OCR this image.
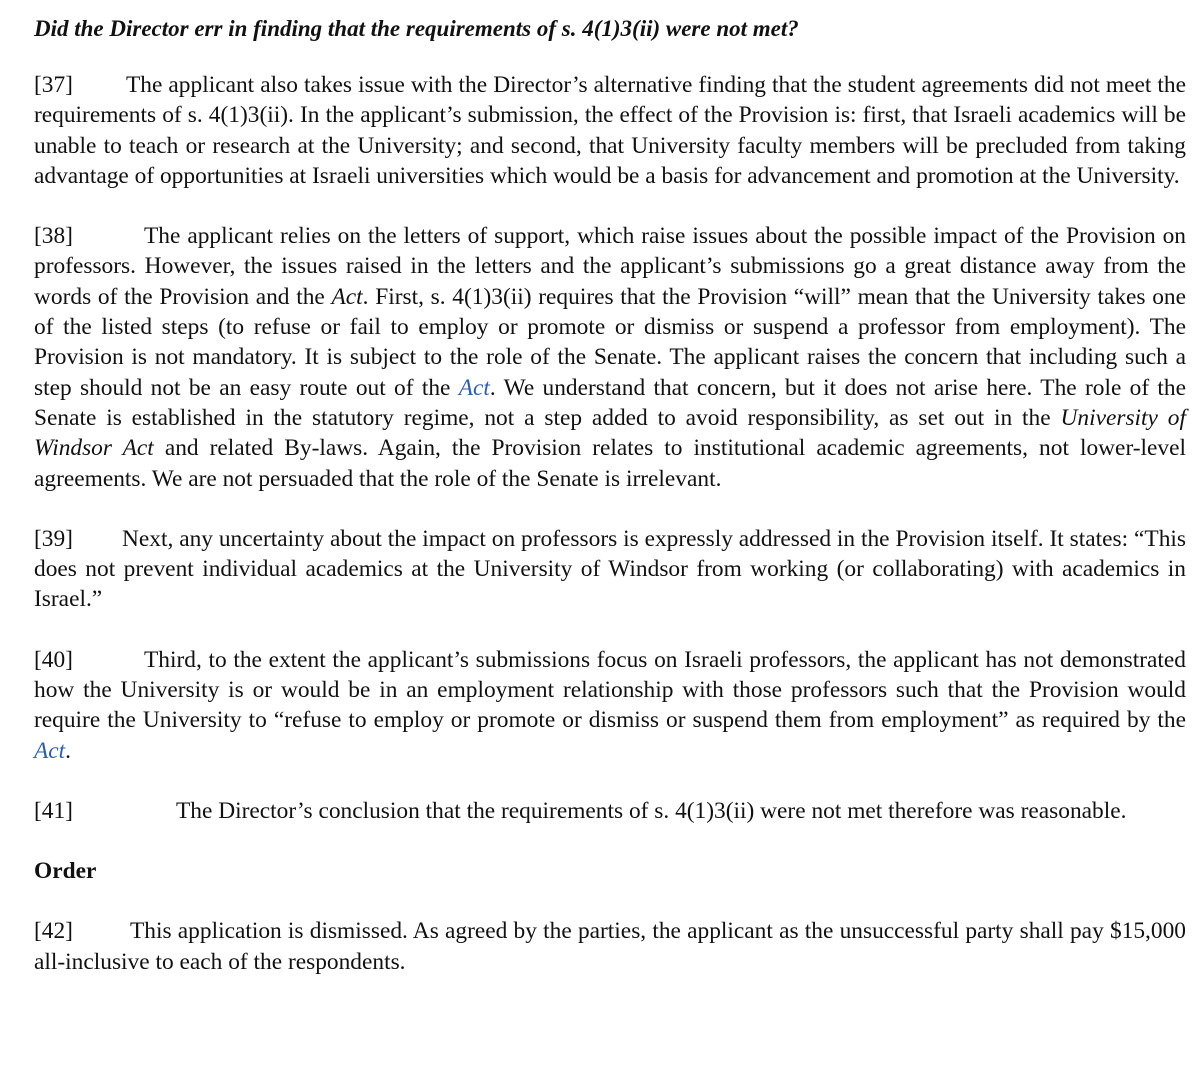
Did the Director err in finding that the requirements of s. 4(1)3(ii) were not met?

[37] The applicant also takes issue with the Director’s alternative finding that the student agreements did not meet the requirements of s. 4(1)3(ii). In the applicant’s submission, the effect of the Provision is: first, that Israeli academics will be unable to teach or research at the University; and second, that University faculty members will be precluded from taking advantage of opportunities at Israeli universities which would be a basis for advancement and promotion at the University.

[38]	The applicant relies on the letters of support, which raise issues about the possible impact of the Provision on professors. However, the issues raised in the letters and the applicant’s submissions go a great distance away from the words of the Provision and the Act. First, s. 4(1)3(ii) requires that the Provision “will” mean that the University takes one of the listed steps (to refuse or fail to employ or promote or dismiss or suspend a professor from employment). The Provision is not mandatory. It is subject to the role of the Senate. The applicant raises the concern that including such a step should not be an easy route out of the Act. We understand that concern, but it does not arise here. The role of the Senate is established in the statutory regime, not a step added to avoid responsibility, as set out in the University of Windsor Act and related By-laws. Again, the Provision relates to institutional academic agreements, not lower-level agreements. We are not persuaded that the role of the Senate is irrelevant.

[39] Next, any uncertainty about the impact on professors is expressly addressed in the Provision itself. It states: “This does not prevent individual academics at the University of Windsor from working (or collaborating) with academics in Israel.”

[40]	Third, to the extent the applicant’s submissions focus on Israeli professors, the applicant has not demonstrated how the University is or would be in an employment relationship with those professors such that the Provision would require the University to “refuse to employ or promote or dismiss or suspend them from employment” as required by the Act.

[41]	The Director’s conclusion that the requirements of s. 4(1)3(ii) were not met therefore was reasonable.

Order

[42] This application is dismissed. As agreed by the parties, the applicant as the unsuccessful party shall pay $15,000 all-inclusive to each of the respondents.
